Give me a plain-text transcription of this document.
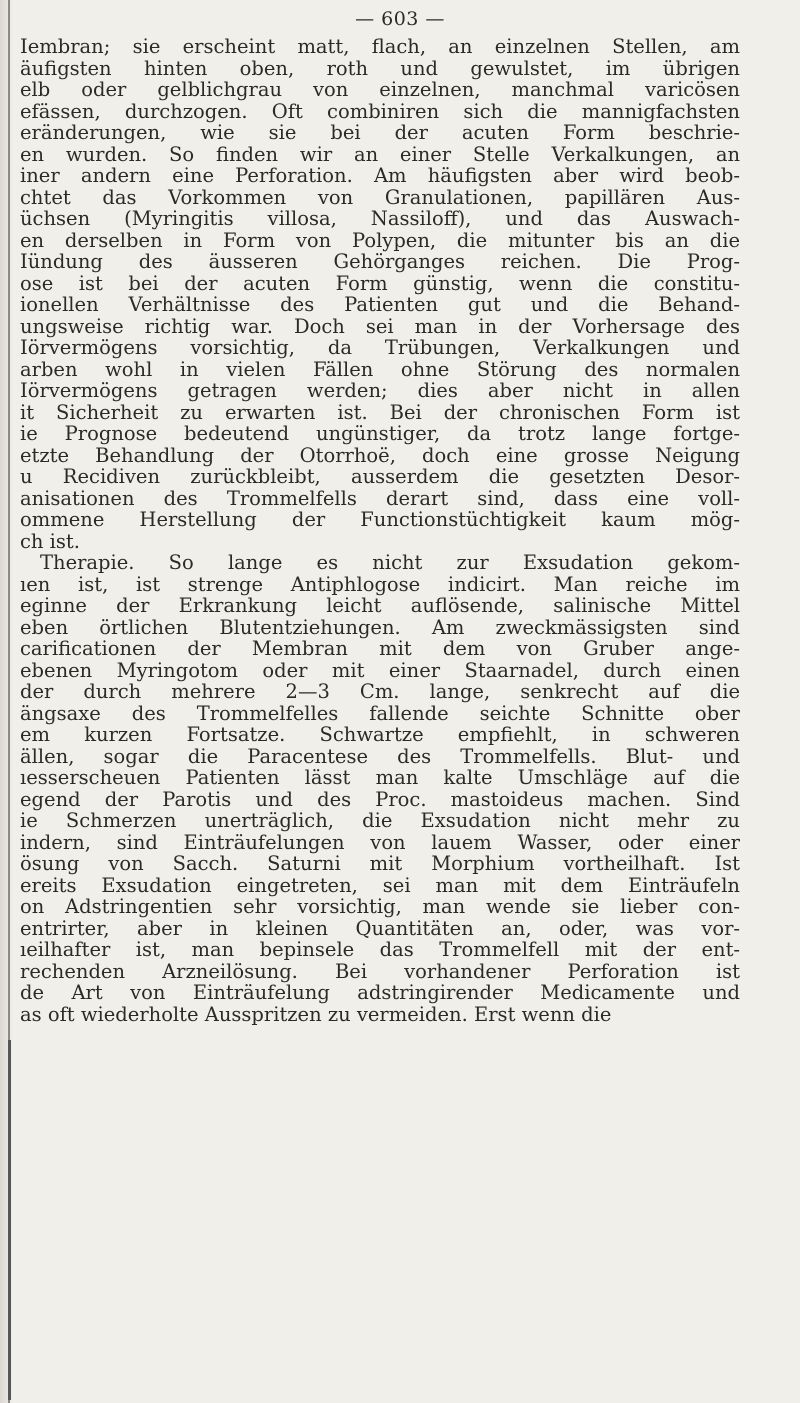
— 603 —
Iembran; sie erscheint matt, flach, an einzelnen Stellen, am
äufigsten hinten oben, roth und gewulstet, im übrigen
elb oder gelblichgrau von einzelnen, manchmal varicösen
efässen, durchzogen. Oft combiniren sich die mannigfachsten
eränderungen, wie sie bei der acuten Form beschrie-
en wurden. So finden wir an einer Stelle Verkalkungen, an
iner andern eine Perforation. Am häufigsten aber wird beob-
chtet das Vorkommen von Granulationen, papillären Aus-
üchsen (Myringitis villosa, Nassiloff), und das Auswach-
en derselben in Form von Polypen, die mitunter bis an die
Iündung des äusseren Gehörganges reichen. Die Prog-
ose ist bei der acuten Form günstig, wenn die constitu-
ionellen Verhältnisse des Patienten gut und die Behand-
ungsweise richtig war. Doch sei man in der Vorhersage des
Iörvermögens vorsichtig, da Trübungen, Verkalkungen und
arben wohl in vielen Fällen ohne Störung des normalen
Iörvermögens getragen werden; dies aber nicht in allen
it Sicherheit zu erwarten ist. Bei der chronischen Form ist
ie Prognose bedeutend ungünstiger, da trotz lange fortge-
etzte Behandlung der Otorrhoë, doch eine grosse Neigung
u Recidiven zurückbleibt, ausserdem die gesetzten Desor-
anisationen des Trommelfells derart sind, dass eine voll-
ommene Herstellung der Functionstüchtigkeit kaum mög-
ch ist.
Therapie. So lange es nicht zur Exsudation gekom-
ıen ist, ist strenge Antiphlogose indicirt. Man reiche im
eginne der Erkrankung leicht auflösende, salinische Mittel
eben örtlichen Blutentziehungen. Am zweckmässigsten sind
carificationen der Membran mit dem von Gruber ange-
ebenen Myringotom oder mit einer Staarnadel, durch einen
der durch mehrere 2—3 Cm. lange, senkrecht auf die
ängsaxe des Trommelfelles fallende seichte Schnitte ober
em kurzen Fortsatze. Schwartze empfiehlt, in schweren
ällen, sogar die Paracentese des Trommelfells. Blut- und
ıesserscheuen Patienten lässt man kalte Umschläge auf die
egend der Parotis und des Proc. mastoideus machen. Sind
ie Schmerzen unerträglich, die Exsudation nicht mehr zu
indern, sind Einträufelungen von lauem Wasser, oder einer
ösung von Sacch. Saturni mit Morphium vortheilhaft. Ist
ereits Exsudation eingetreten, sei man mit dem Einträufeln
on Adstringentien sehr vorsichtig, man wende sie lieber con-
entrirter, aber in kleinen Quantitäten an, oder, was vor-
ıeilhafter ist, man bepinsele das Trommelfell mit der ent-
rechenden Arzneilösung. Bei vorhandener Perforation ist
de Art von Einträufelung adstringirender Medicamente und
as oft wiederholte Ausspritzen zu vermeiden. Erst wenn die
